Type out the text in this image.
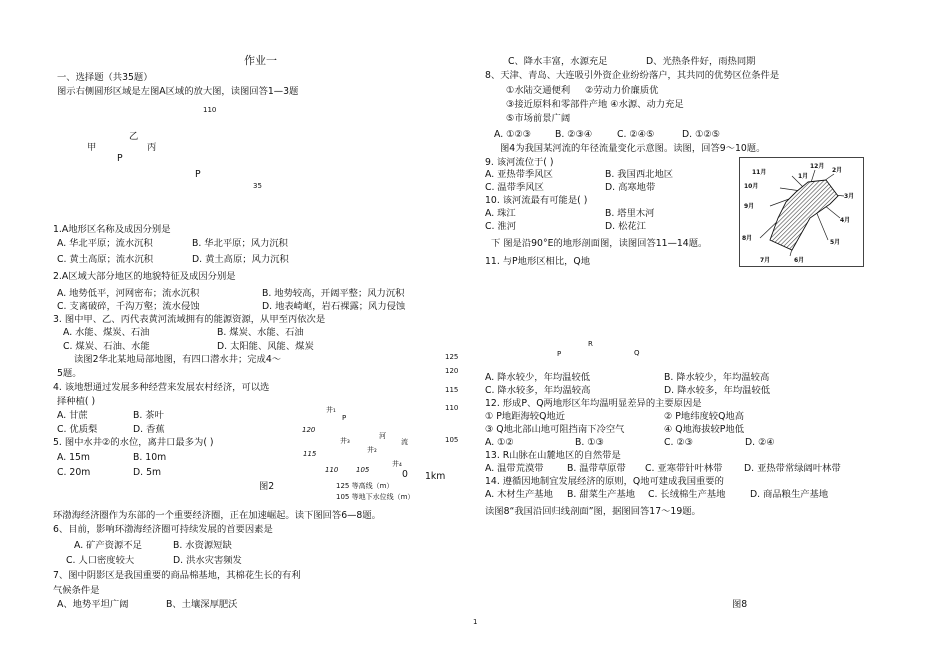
作业一
一、选择题（共35题）
图示右侧圆形区域是左图A区域的放大图，读图回答1—3题
110
乙
甲	丙
P
P
35
1.A地形区名称及成因分别是
A. 华北平原；流水沉积	B. 华北平原；风力沉积
C. 黄土高原；流水沉积	D. 黄土高原；风力沉积
2.A区域大部分地区的地貌特征及成因分别是
A. 地势低平，河网密布；流水沉积	B. 地势较高，开阔平整；风力沉积
C. 支离破碎，千沟万壑；流水侵蚀	D. 地表崎岖，岩石裸露；风力侵蚀
3. 图中甲、乙、丙代表黄河流域拥有的能源资源，从甲至丙依次是
A. 水能、煤炭、石油	B. 煤炭、水能、石油
C. 煤炭、石油、水能	D. 太阳能、风能、煤炭
读图2华北某地局部地图，有四口潜水井；完成4～
5题。
4. 该地想通过发展多种经营来发展农村经济，可以选
择种植( )
A. 甘蔗	B. 茶叶
C. 优质梨	D. 香蕉
5. 图中水井②的水位，离井口最多为( )
A. 15m	B. 10m
C. 20m	D. 5m
125
120
115
110
井₁
P
河
流
井₂
井₃
井₄
120
115
105
110	105	0 1km
图2	125 等高线（m）
105 等地下水位线（m）
环渤海经济圈作为东部的一个重要经济圈，正在加速崛起。读下图回答6—8题。
6、目前，影响环渤海经济圈可持续发展的首要因素是
A. 矿产资源不足	B. 水资源短缺
C. 人口密度较大	D. 洪水灾害频发
7、图中阴影区是我国重要的商品棉基地，其棉花生长的有利
气候条件是
A、地势平坦广阔	B、土壤深厚肥沃
C、降水丰富，水源充足	D、光热条件好，雨热同期
8、天津、青岛、大连吸引外资企业纷纷落户，其共同的优势区位条件是
①水陆交通便利 ②劳动力价廉质优
③接近原料和零部件产地 ④水源、动力充足
⑤市场前景广阔
A. ①②③	B. ②③④	C. ②④⑤	D. ①②⑤
图4为我国某河流的年径流量变化示意图。读图，回答9～10题。
9. 该河流位于( )
A. 亚热带季风区	B. 我国西北地区
C. 温带季风区	D. 高寒地带
10. 该河流最有可能是( )
A. 珠江	B. 塔里木河
C. 淮河	D. 松花江
12月
1月
11月	2月
10月
3月
9月
4月
8月
5月
7月	6月
下 图是沿90°E的地形剖面图，读图回答11—14题。
11. 与P地形区相比，Q地
R
P	Q
A. 降水较少，年均温较低	B. 降水较少，年均温较高
C. 降水较多，年均温较高	D. 降水较多，年均温较低
12. 形成P、Q两地形区年均温明显差异的主要原因是
① P地距海较Q地近	② P地纬度较Q地高
③ Q地北部山地可阻挡南下冷空气	④ Q地海拔较P地低
A. ①②	B. ①③	C. ②③	D. ②④
13. R山脉在山麓地区的自然带是
A. 温带荒漠带	B. 温带草原带 C. 亚寒带针叶林带 D. 亚热带常绿阔叶林带
14. 遵循因地制宜发展经济的原则，Q地可建成我国重要的
A. 木材生产基地 B. 甜菜生产基地 C. 长绒棉生产基地	D. 商品粮生产基地
读图8“我国沿回归线剖面”图，据图回答17～19题。
图8
1
